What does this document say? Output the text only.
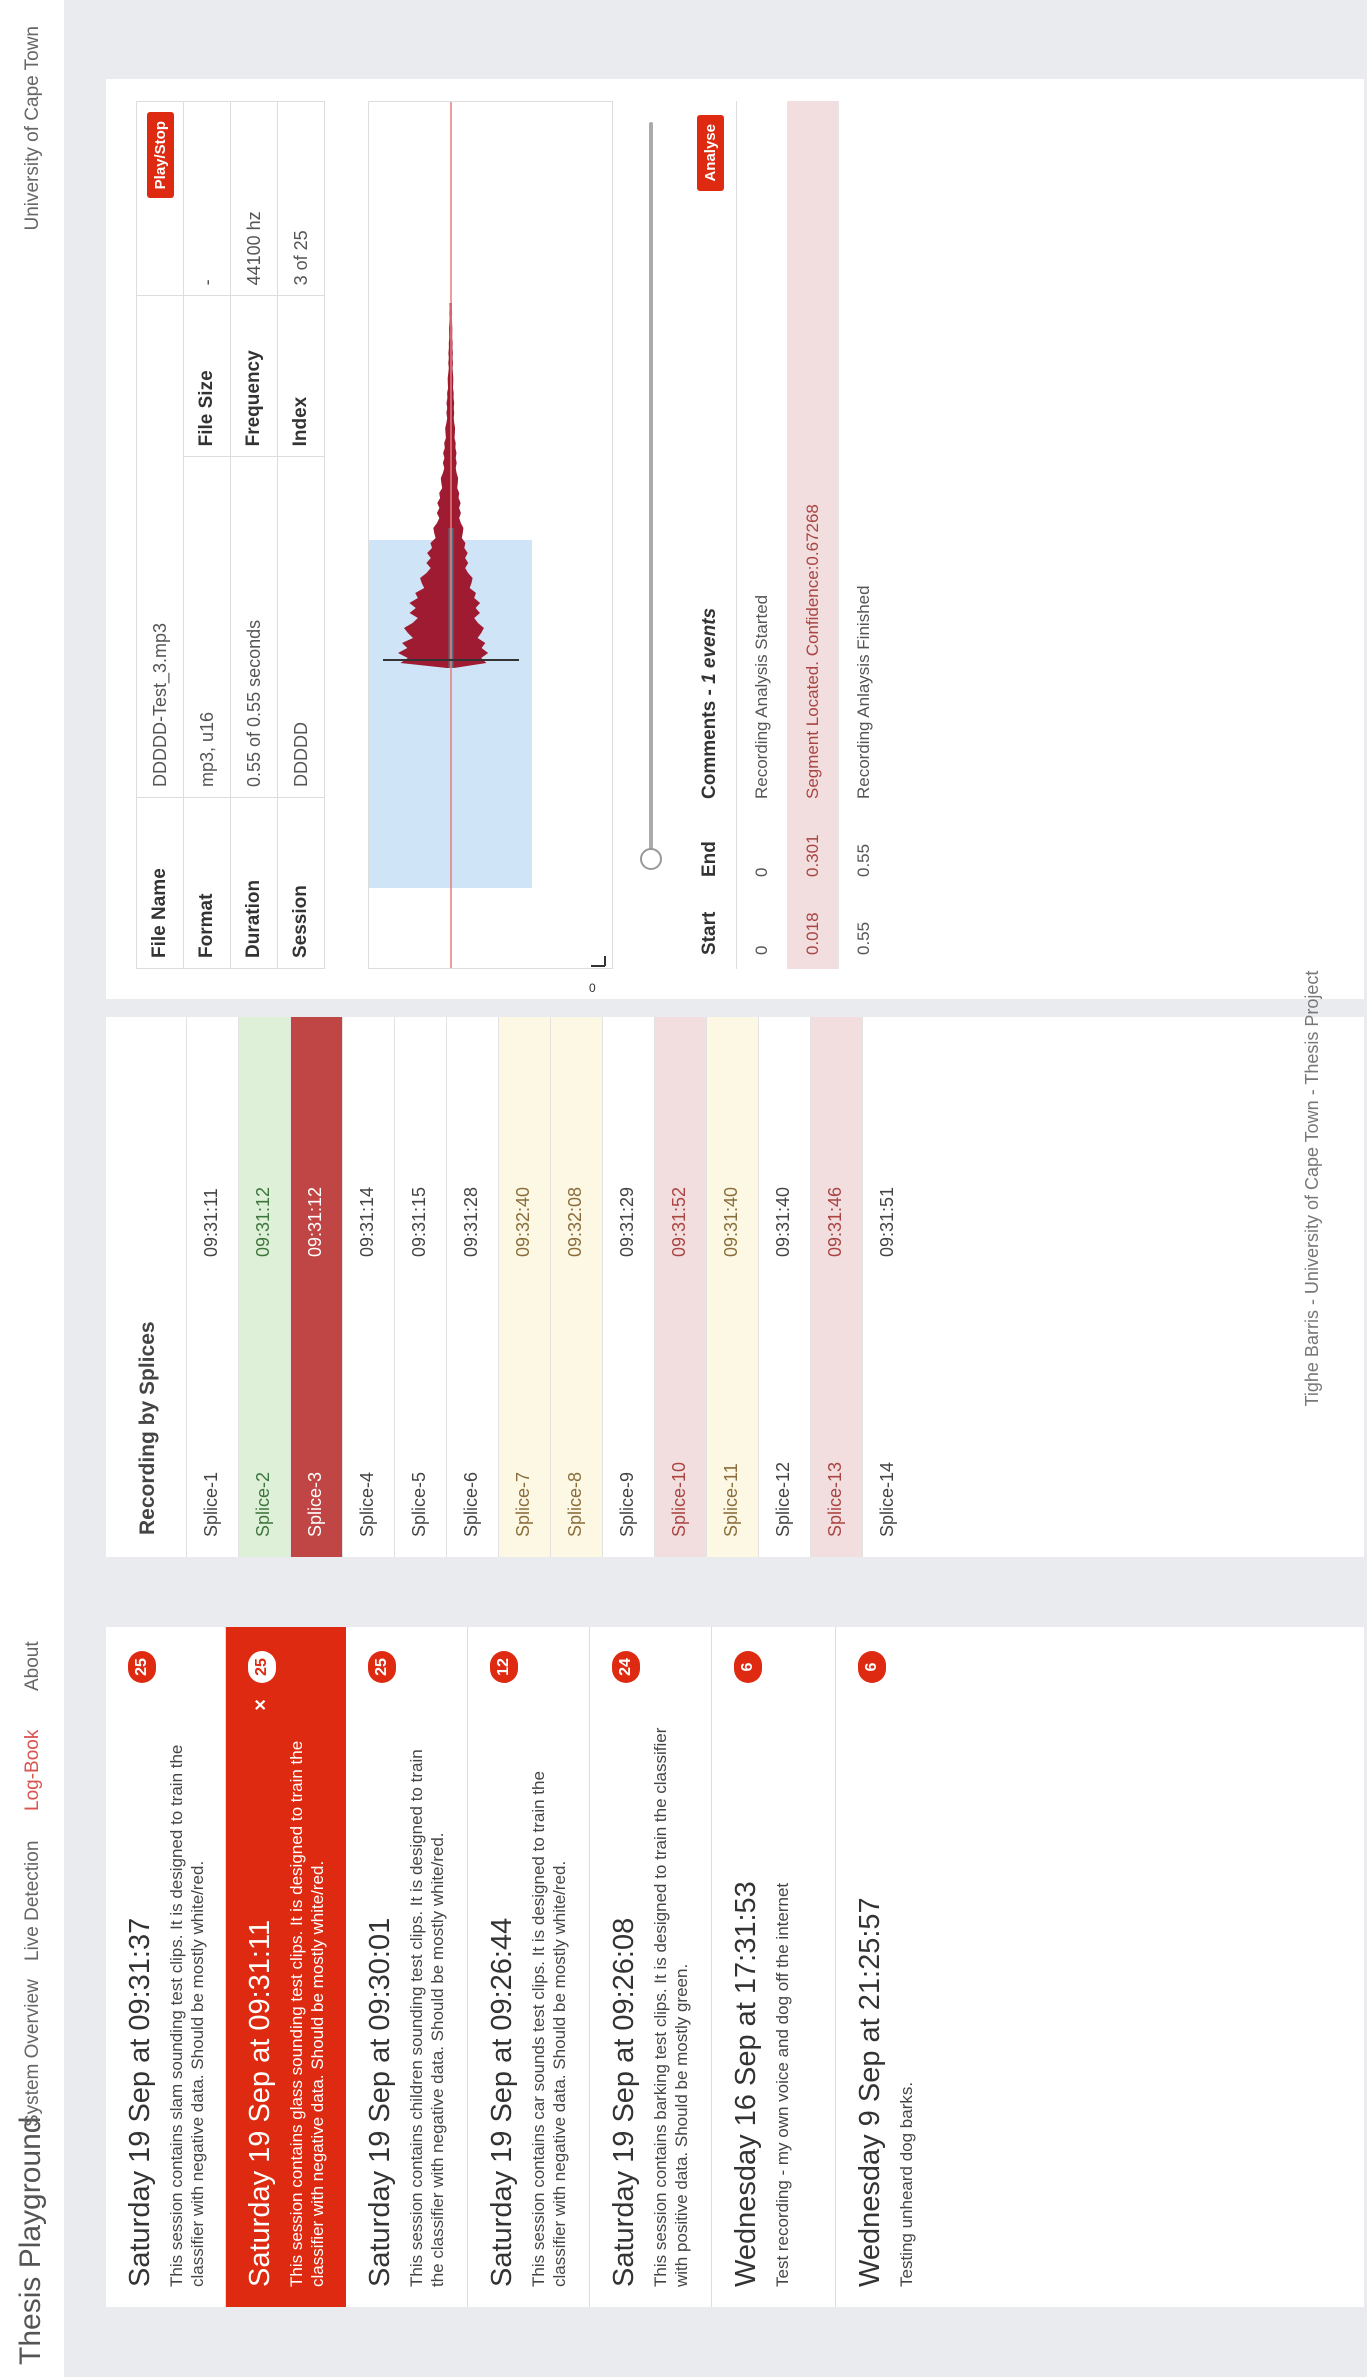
Thesis Playground
System Overview
Live Detection
Log-Book
About
University of Cape Town
Saturday 19 Sep at 09:31:37 This session contains slam sounding test clips. It is designed to train the classifier with negative data. Should be mostly white/red.
25
Saturday 19 Sep at 09:31:11 This session contains glass sounding test clips. It is designed to train the classifier with negative data. Should be mostly white/red.
×
25
Saturday 19 Sep at 09:30:01 This session contains children sounding test clips. It is designed to train the classifier with negative data. Should be mostly white/red.
25
Saturday 19 Sep at 09:26:44 This session contains car sounds test clips. It is designed to train the classifier with negative data. Should be mostly white/red.
12
Saturday 19 Sep at 09:26:08 This session contains barking test clips. It is designed to train the classifier with positive data. Should be mostly green.
24
Wednesday 16 Sep at 17:31:53 Test recording - my own voice and dog off the internet
6
Wednesday 9 Sep at 21:25:57 Testing unheard dog barks.
6
Recording by Splices Splice-1
09:31:11
Splice-2
09:31:12
Splice-3
09:31:12
Splice-4
09:31:14
Splice-5
09:31:15
Splice-6
09:31:28
Splice-7
09:32:40
Splice-8
09:32:08
Splice-9
09:31:29
Splice-10
09:31:52
Splice-11
09:31:40
Splice-12
09:31:40
Splice-13
09:31:46
Splice-14
09:31:51
File Name	DDDDD-Test_3.mp3		Play/Stop
Format	mp3, u16	File Size	-
Duration	0.55 of 0.55 seconds	Frequency	44100 hz
Session	DDDDD	Index	3 of 25
0
Start	End	Comments - 1 events	Analyse
0	0	Recording Analysis Started	
0.018	0.301	Segment Located. Confidence:0.67268	
0.55	0.55	Recording Anlaysis Finished	
Tighe Barris - University of Cape Town - Thesis Project
